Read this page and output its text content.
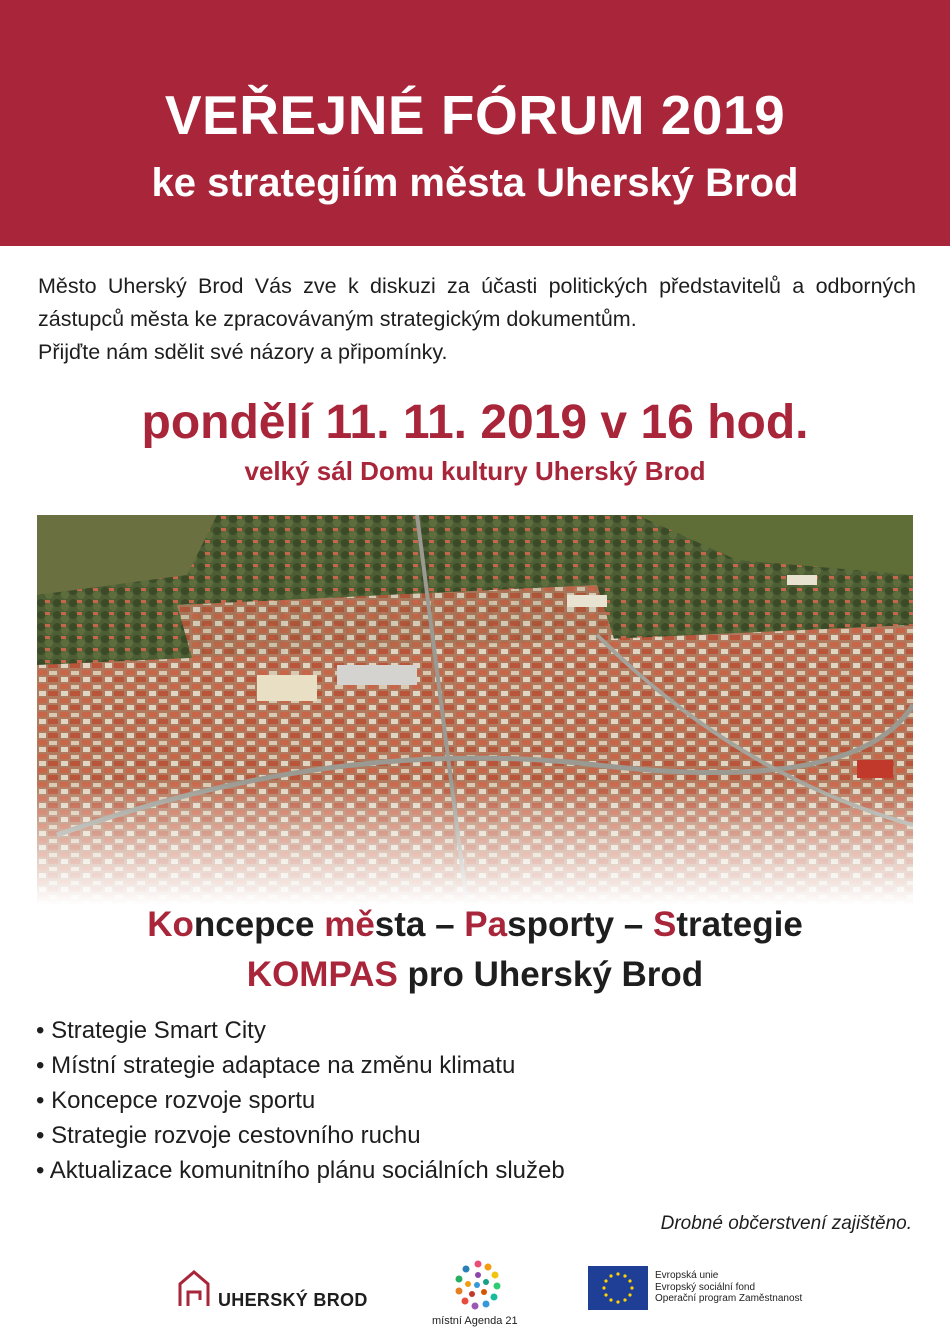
VEŘEJNÉ FÓRUM 2019
ke strategiím města Uherský Brod

Město Uherský Brod Vás zve k diskuzi za účasti politických představitelů a odborných zástupců města ke zpracovávaným strategickým dokumentům.

Přijďte nám sdělit své názory a připomínky.

pondělí 11. 11. 2019 v 16 hod.
velký sál Domu kultury Uherský Brod
Koncepce města – Pasporty – Strategie
KOMPAS pro Uherský Brod
• Strategie Smart City
• Místní strategie adaptace na změnu klimatu
• Koncepce rozvoje sportu
• Strategie rozvoje cestovního ruchu
• Aktualizace komunitního plánu sociálních služeb
Drobné občerstvení zajištěno.
UHERSKÝ BROD
místní Agenda 21
Evropská unie
Evropský sociální fond
Operační program Zaměstnanost
